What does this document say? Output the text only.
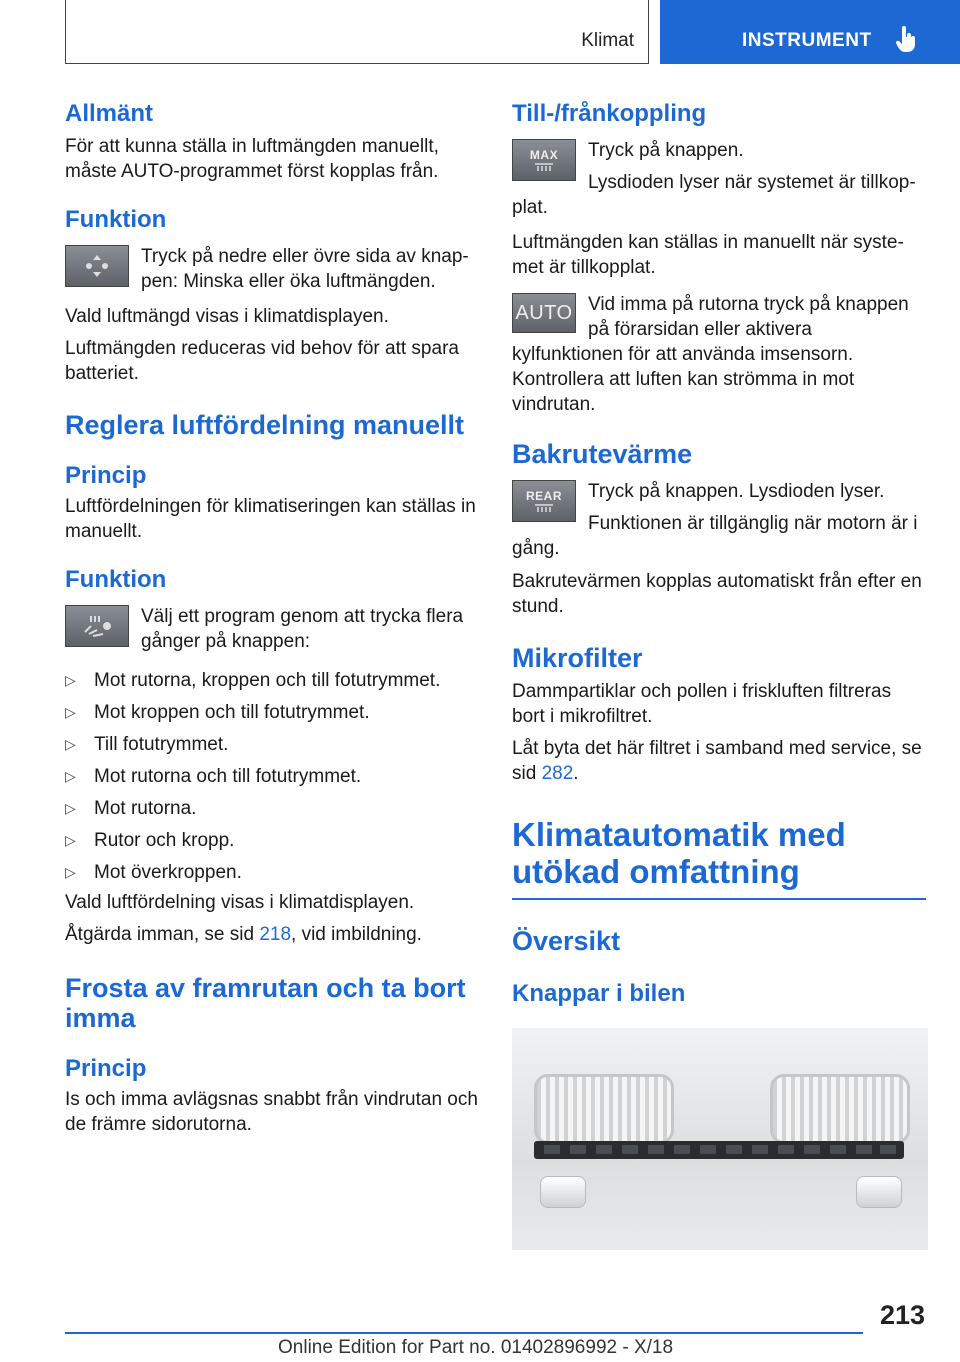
Klimat	INSTRUMENT
Allmänt

För att kunna ställa in luftmängden manuellt, måste AUTO-programmet först kopplas från.

Funktion

Tryck på nedre eller övre sida av knap-pen: Minska eller öka luftmängden.

Vald luftmängd visas i klimatdisplayen.

Luftmängden reduceras vid behov för att spara batteriet.

Reglera luftfördelning manuellt
Princip

Luftfördelningen för klimatiseringen kan ställas in manuellt.

Funktion

Välj ett program genom att trycka flera gånger på knappen:

▷ Mot rutorna, kroppen och till fotutrymmet.
▷ Mot kroppen och till fotutrymmet.
▷ Till fotutrymmet.
▷ Mot rutorna och till fotutrymmet.
▷ Mot rutorna.
▷ Rutor och kropp.
▷ Mot överkroppen.

Vald luftfördelning visas i klimatdisplayen.

Åtgärda imman, se sid 218, vid imbildning.

Frosta av framrutan och ta bort imma
Princip

Is och imma avlägsnas snabbt från vindrutan och de främre sidorutorna.

Till-/frånkoppling
MAX	Tryck på knappen.

Lysdioden lyser när systemet är tillkop-plat.

Luftmängden kan ställas in manuellt när syste-met är tillkopplat.

AUTO Vid imma på rutorna tryck på knappen på förarsidan eller aktivera kylfunktionen för att använda imsensorn. Kontrollera att luften kan strömma in mot vindrutan.

Bakrutevärme
REAR	Tryck på knappen. Lysdioden lyser.

Funktionen är tillgänglig när motorn är i gång.

Bakrutevärmen kopplas automatiskt från efter en stund.

Mikrofilter

Dammpartiklar och pollen i friskluften filtreras bort i mikrofiltret.

Låt byta det här filtret i samband med service, se sid 282.

Klimatautomatik med utökad omfattning
Översikt
Knappar i bilen
213
Online Edition for Part no. 01402896992 - X/18
